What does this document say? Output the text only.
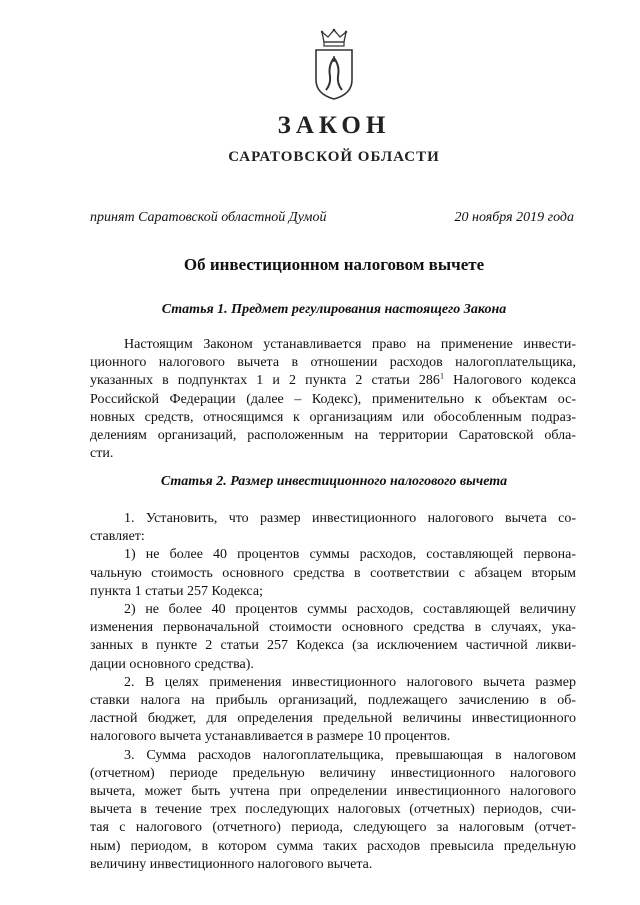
ЗАКОН
САРАТОВСКОЙ ОБЛАСТИ
принят Саратовской областной Думой	20 ноября 2019 года
Об инвестиционном налоговом вычете
Статья 1. Предмет регулирования настоящего Закона
Настоящим Законом устанавливается право на применение инвести-
ционного налогового вычета в отношении расходов налогоплательщика,
указанных в подпунктах 1 и 2 пункта 2 статьи $286^1$ Налогового кодекса
Российской Федерации (далее – Кодекс), применительно к объектам ос-
новных средств, относящимся к организациям или обособленным подраз-
делениям организаций, расположенным на территории Саратовской обла-
сти.
Статья 2. Размер инвестиционного налогового вычета
1. Установить, что размер инвестиционного налогового вычета со-
ставляет:
1) не более 40 процентов суммы расходов, составляющей первона-
чальную стоимость основного средства в соответствии с абзацем вторым
пункта 1 статьи 257 Кодекса;
2) не более 40 процентов суммы расходов, составляющей величину
изменения первоначальной стоимости основного средства в случаях, ука-
занных в пункте 2 статьи 257 Кодекса (за исключением частичной ликви-
дации основного средства).
2. В целях применения инвестиционного налогового вычета размер
ставки налога на прибыль организаций, подлежащего зачислению в об-
ластной бюджет, для определения предельной величины инвестиционного
налогового вычета устанавливается в размере 10 процентов.
3. Сумма расходов налогоплательщика, превышающая в налоговом
(отчетном) периоде предельную величину инвестиционного налогового
вычета, может быть учтена при определении инвестиционного налогового
вычета в течение трех последующих налоговых (отчетных) периодов, счи-
тая с налогового (отчетного) периода, следующего за налоговым (отчет-
ным) периодом, в котором сумма таких расходов превысила предельную
величину инвестиционного налогового вычета.
